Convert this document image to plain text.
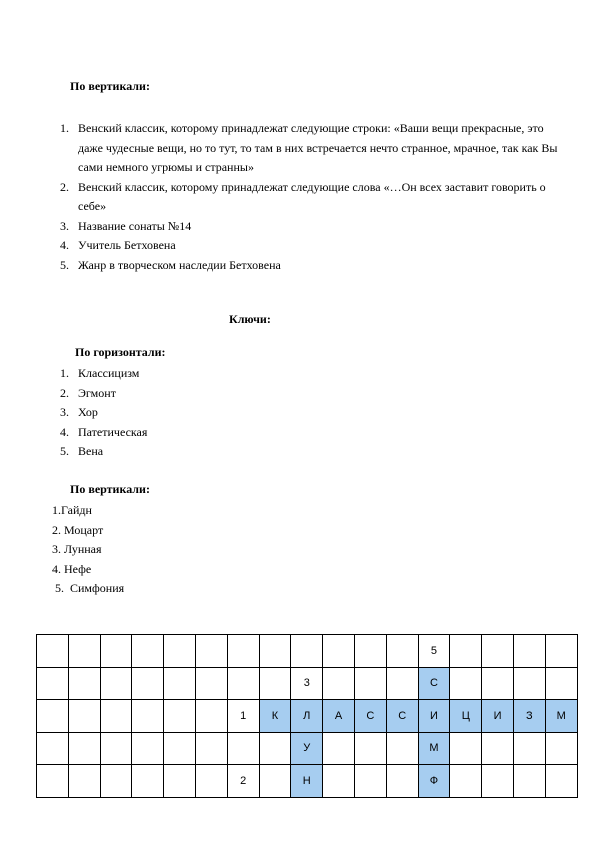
По вертикали:
1. Венский классик, которому принадлежат следующие строки: «Ваши вещи прекрасные, это даже чудесные вещи, но то тут, то там в них встречается нечто странное, мрачное, так как Вы сами немного угрюмы и странны»
2. Венский классик, которому принадлежат следующие слова «…Он всех заставит говорить о себе»
3. Название сонаты №14
4. Учитель Бетховена
5. Жанр в творческом наследии Бетховена
Ключи:
По горизонтали:
1. Классицизм
2. Эгмонт
3. Хор
4. Патетическая
5. Вена
По вертикали:
1.Гайдн
2. Моцарт
3. Лунная
4. Нефе
5.  Симфония
												5				
								3				С				
						1	К	Л	А	С	С	И	Ц	И	З	М
								У				М				
						2		Н				Ф				
